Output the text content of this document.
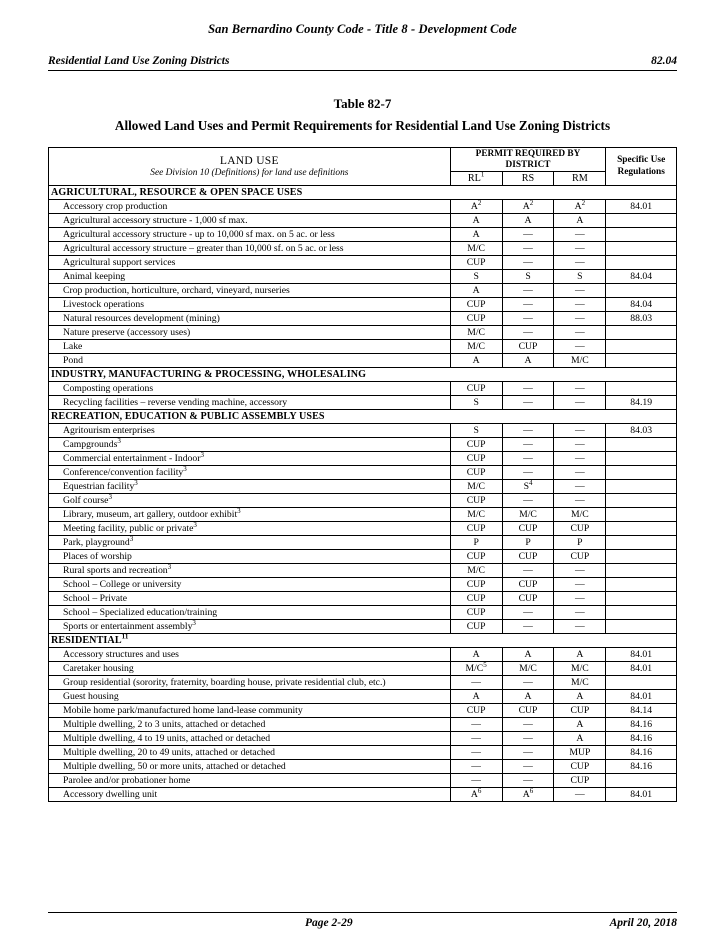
San Bernardino County Code - Title 8 - Development Code
Residential Land Use Zoning Districts	82.04
Table 82-7
Allowed Land Uses and Permit Requirements for Residential Land Use Zoning Districts
LAND USE
See Division 10 (Definitions) for land use definitions
	PERMIT REQUIRED BY DISTRICT	Specific Use
Regulations
	$RL^1$	RS	RM	
AGRICULTURAL, RESOURCE & OPEN SPACE USES				
Accessory crop production	$A^2$	$A^2$	$A^2$	84.01
Agricultural accessory structure - 1,000 sf max.	A	A	A	
Agricultural accessory structure - up to 10,000 sf max. on 5 ac. or less	A	—	—	
Agricultural accessory structure – greater than 10,000 sf. on 5 ac. or less	M/C	—	—	
Agricultural support services	CUP	—	—	
Animal keeping	S	S	S	84.04
Crop production, horticulture, orchard, vineyard, nurseries	A	—	—	
Livestock operations	CUP	—	—	84.04
Natural resources development (mining)	CUP	—	—	88.03
Nature preserve (accessory uses)	M/C	—	—	
Lake	M/C	CUP	—	
Pond	A	A	M/C	
INDUSTRY, MANUFACTURING & PROCESSING, WHOLESALING				
Composting operations	CUP	—	—	
Recycling facilities – reverse vending machine, accessory	S	—	—	84.19
RECREATION, EDUCATION & PUBLIC ASSEMBLY USES				
Agritourism enterprises	S	—	—	84.03
Campgrounds$^3$	CUP	—	—	
Commercial entertainment - Indoor$^3$	CUP	—	—	
Conference/convention facility$^3$	CUP	—	—	
Equestrian facility$^3$	M/C	$S^4$	—	
Golf course$^3$	CUP	—	—	
Library, museum, art gallery, outdoor exhibit$^3$	M/C	M/C	M/C	
Meeting facility, public or private$^3$	CUP	CUP	CUP	
Park, playground$^3$	P	P	P	
Places of worship	CUP	CUP	CUP	
Rural sports and recreation$^3$	M/C	—	—	
School – College or university	CUP	CUP	—	
School – Private	CUP	CUP	—	
School – Specialized education/training	CUP	—	—	
Sports or entertainment assembly$^3$	CUP	—	—	
RESIDENTIAL$^{11}$
Accessory structures and uses	A	A	A	84.01
Caretaker housing	$M/C^5$	M/C	M/C	84.01
Group residential (sorority, fraternity, boarding house, private residential club, etc.)	—	—	M/C	
Guest housing	A	A	A	84.01
Mobile home park/manufactured home land-lease community	CUP	CUP	CUP	84.14
Multiple dwelling, 2 to 3 units, attached or detached	—	—	A	84.16
Multiple dwelling, 4 to 19 units, attached or detached	—	—	A	84.16
Multiple dwelling, 20 to 49 units, attached or detached	—	—	MUP	84.16
Multiple dwelling, 50 or more units, attached or detached	—	—	CUP	84.16
Parolee and/or probationer home	—	—	CUP	
Accessory dwelling unit	$A^6$	$A^6$	—	84.01
Page 2-29	April 20, 2018
